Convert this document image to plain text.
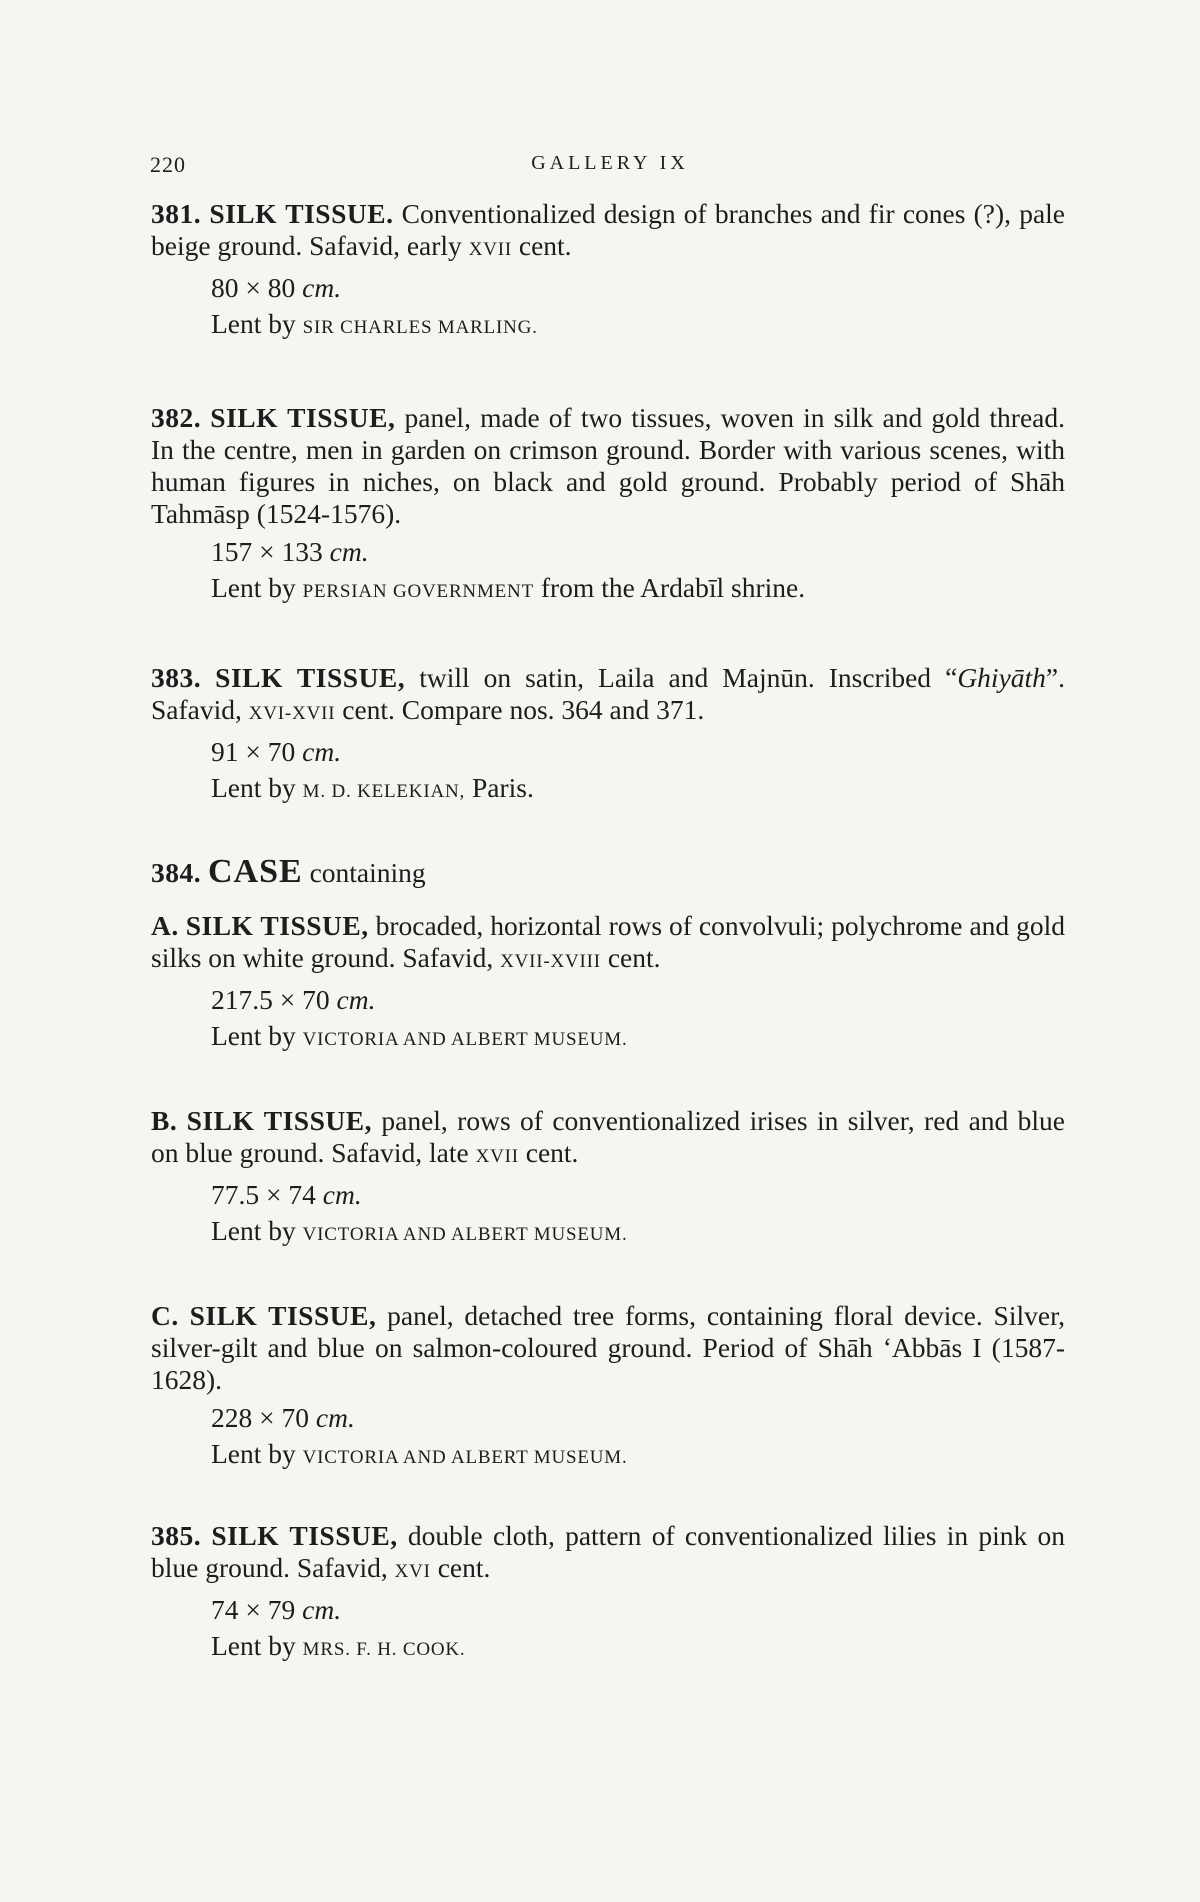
220	GALLERY IX

381. SILK TISSUE. Conventionalized design of branches and fir cones (?), pale beige ground. Safavid, early XVII cent.

80 × 80 cm.
Lent by SIR CHARLES MARLING.

382. SILK TISSUE, panel, made of two tissues, woven in silk and gold thread. In the centre, men in garden on crimson ground. Border with various scenes, with human figures in niches, on black and gold ground. Probably period of Shāh Tahmāsp (1524-1576).

157 × 133 cm.
Lent by PERSIAN GOVERNMENT from the Ardabīl shrine.

383. SILK TISSUE, twill on satin, Laila and Majnūn. Inscribed “Ghiyāth”. Safavid, XVI-XVII cent. Compare nos. 364 and 371.

91 × 70 cm.
Lent by M. D. KELEKIAN, Paris.

384. CASE containing

A. SILK TISSUE, brocaded, horizontal rows of convolvuli; polychrome and gold silks on white ground. Safavid, XVII-XVIII cent.

217.5 × 70 cm.
Lent by VICTORIA AND ALBERT MUSEUM.

B. SILK TISSUE, panel, rows of conventionalized irises in silver, red and blue on blue ground. Safavid, late XVII cent.

77.5 × 74 cm.
Lent by VICTORIA AND ALBERT MUSEUM.

C. SILK TISSUE, panel, detached tree forms, containing floral device. Silver, silver-gilt and blue on salmon-coloured ground. Period of Shāh ‘Abbās I (1587-1628).

228 × 70 cm.
Lent by VICTORIA AND ALBERT MUSEUM.

385. SILK TISSUE, double cloth, pattern of conventionalized lilies in pink on blue ground. Safavid, XVI cent.

74 × 79 cm.
Lent by MRS. F. H. COOK.
